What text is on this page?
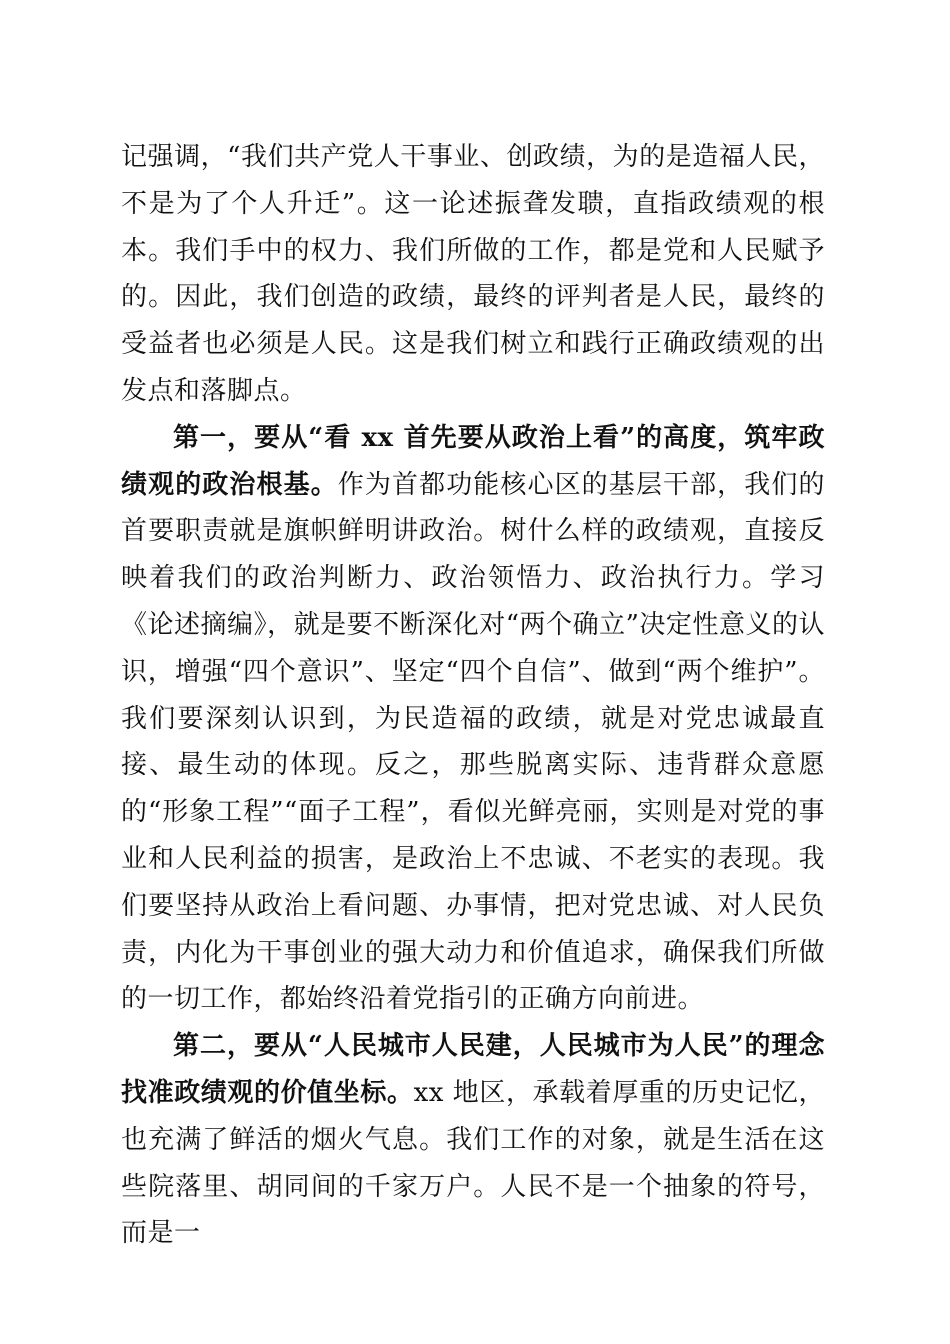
记强调，“我们共产党人干事业、创政绩，为的是造福人民，不是为了个人升迁”。这一论述振聋发聩，直指政绩观的根本。我们手中的权力、我们所做的工作，都是党和人民赋予的。因此，我们创造的政绩，最终的评判者是人民，最终的受益者也必须是人民。这是我们树立和践行正确政绩观的出发点和落脚点。

第一，要从“看 xx 首先要从政治上看”的高度，筑牢政绩观的政治根基。作为首都功能核心区的基层干部，我们的首要职责就是旗帜鲜明讲政治。树什么样的政绩观，直接反映着我们的政治判断力、政治领悟力、政治执行力。学习《论述摘编》，就是要不断深化对“两个确立”决定性意义的认识，增强“四个意识”、坚定“四个自信”、做到“两个维护”。我们要深刻认识到，为民造福的政绩，就是对党忠诚最直接、最生动的体现。反之，那些脱离实际、违背群众意愿的“形象工程”“面子工程”，看似光鲜亮丽，实则是对党的事业和人民利益的损害，是政治上不忠诚、不老实的表现。我们要坚持从政治上看问题、办事情，把对党忠诚、对人民负责，内化为干事创业的强大动力和价值追求，确保我们所做的一切工作，都始终沿着党指引的正确方向前进。

第二，要从“人民城市人民建，人民城市为人民”的理念找准政绩观的价值坐标。xx 地区，承载着厚重的历史记忆，也充满了鲜活的烟火气息。我们工作的对象，就是生活在这些院落里、胡同间的千家万户。人民不是一个抽象的符号，而是一
